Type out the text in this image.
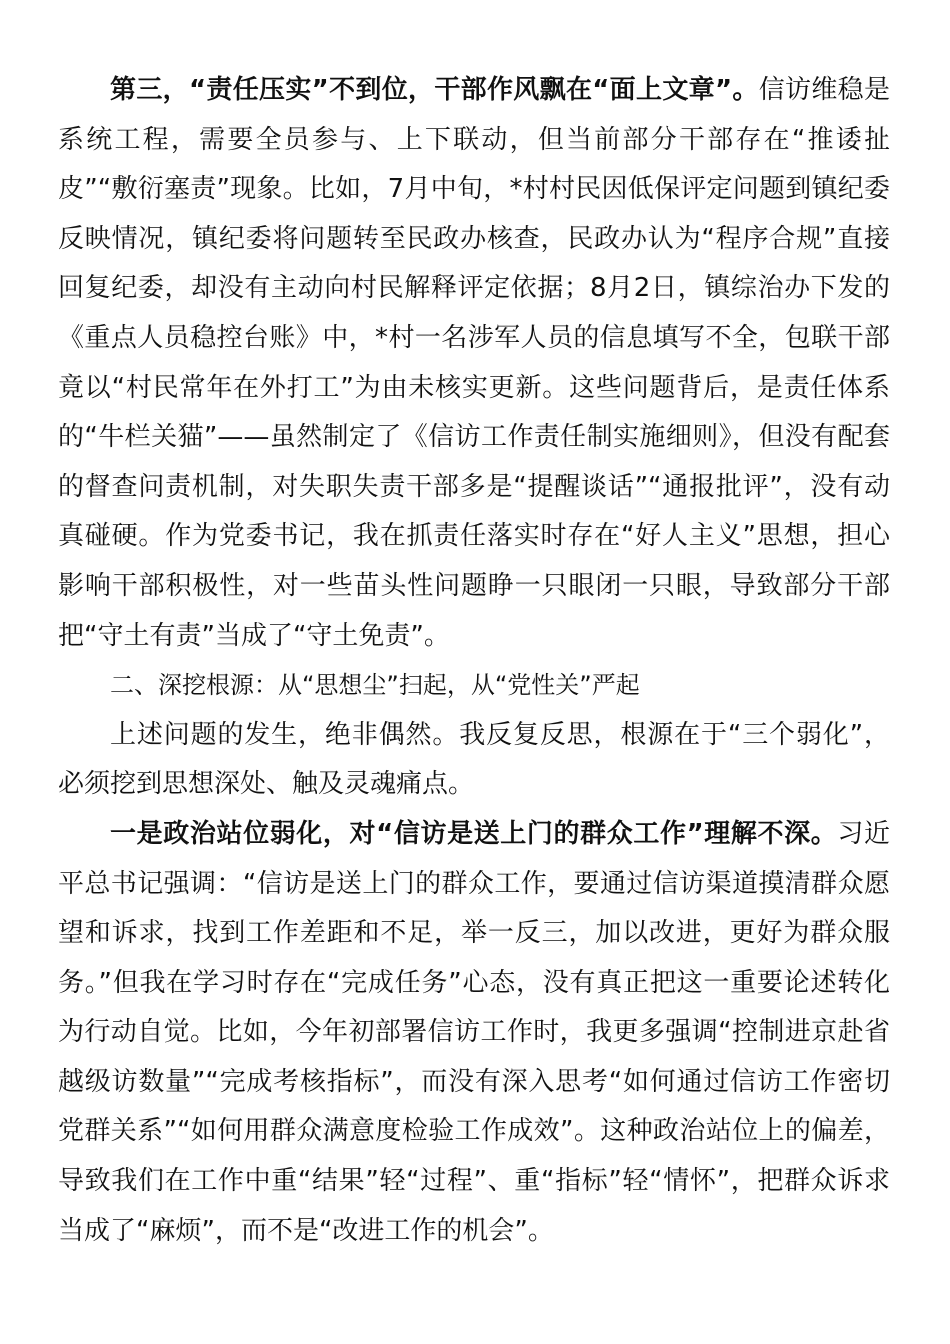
第三，“责任压实”不到位，干部作风飘在“面上文章”。信访维稳是系统工程，需要全员参与、上下联动，但当前部分干部存在“推诿扯皮”“敷衍塞责”现象。比如，7月中旬，*村村民因低保评定问题到镇纪委反映情况，镇纪委将问题转至民政办核查，民政办认为“程序合规”直接回复纪委，却没有主动向村民解释评定依据；8月2日，镇综治办下发的《重点人员稳控台账》中，*村一名涉军人员的信息填写不全，包联干部竟以“村民常年在外打工”为由未核实更新。这些问题背后，是责任体系的“牛栏关猫”——虽然制定了《信访工作责任制实施细则》，但没有配套的督查问责机制，对失职失责干部多是“提醒谈话”“通报批评”，没有动真碰硬。作为党委书记，我在抓责任落实时存在“好人主义”思想，担心影响干部积极性，对一些苗头性问题睁一只眼闭一只眼，导致部分干部把“守土有责”当成了“守土免责”。

二、深挖根源：从“思想尘”扫起，从“党性关”严起

上述问题的发生，绝非偶然。我反复反思，根源在于“三个弱化”，必须挖到思想深处、触及灵魂痛点。

一是政治站位弱化，对“信访是送上门的群众工作”理解不深。习近平总书记强调：“信访是送上门的群众工作，要通过信访渠道摸清群众愿望和诉求，找到工作差距和不足，举一反三，加以改进，更好为群众服务。”但我在学习时存在“完成任务”心态，没有真正把这一重要论述转化为行动自觉。比如，今年初部署信访工作时，我更多强调“控制进京赴省越级访数量”“完成考核指标”，而没有深入思考“如何通过信访工作密切党群关系”“如何用群众满意度检验工作成效”。这种政治站位上的偏差，导致我们在工作中重“结果”轻“过程”、重“指标”轻“情怀”，把群众诉求当成了“麻烦”，而不是“改进工作的机会”。
